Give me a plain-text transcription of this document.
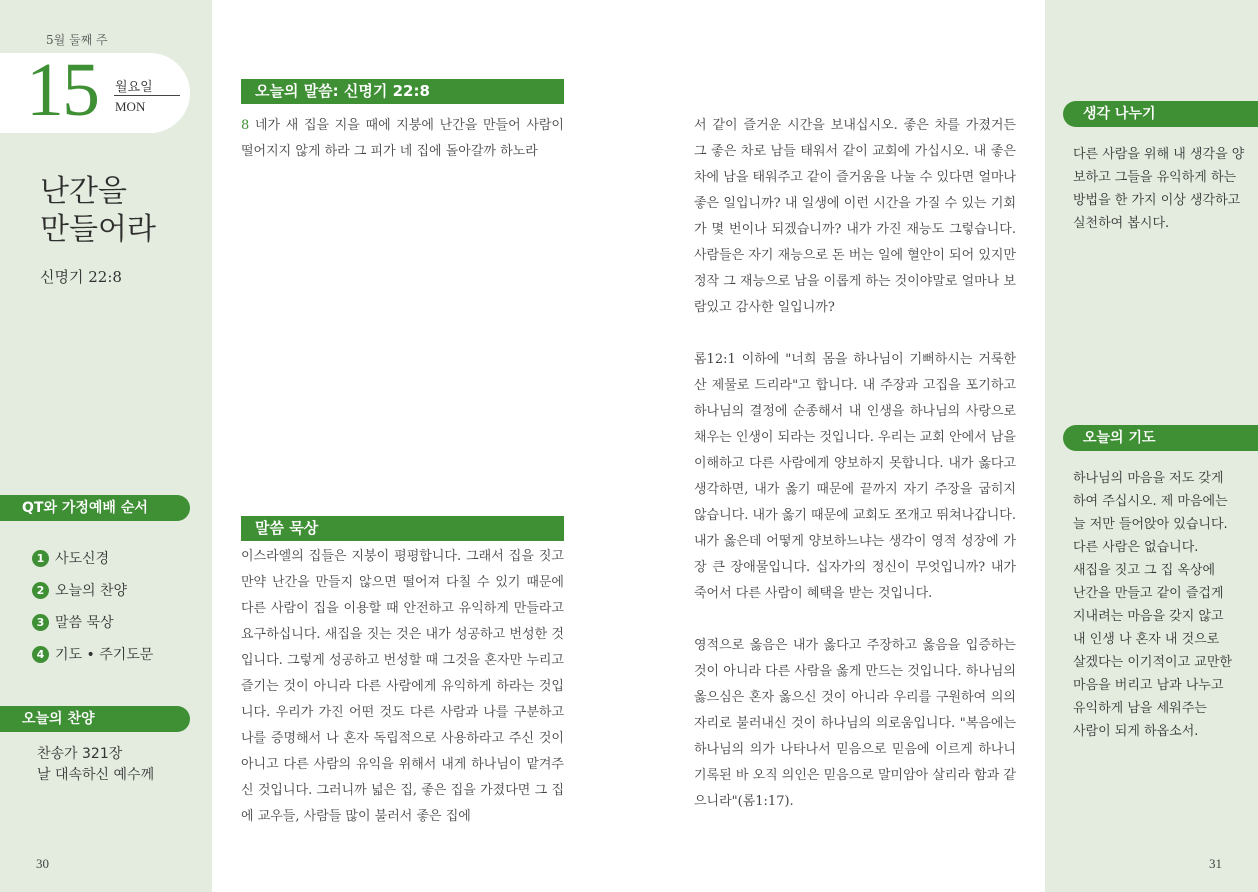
5월 둘째 주
15 월요일
MON
난간을
만들어라
신명기 22:8
QT와 가정예배 순서
1 사도신경
2 오늘의 찬양
3 말씀 묵상
4 기도 • 주기도문
오늘의 찬양
찬송가 321장
날 대속하신 예수께
30
오늘의 말씀: 신명기 22:8
8 네가 새 집을 지을 때에 지붕에 난간을 만들어 사람이 떨어지지 않게 하라 그 피가 네 집에 돌아갈까 하노라
말씀 묵상
이스라엘의 집들은 지붕이 평평합니다. 그래서 집을 짓고 만약 난간을 만들지 않으면 떨어져 다칠 수 있기 때문에 다른 사람이 집을 이용할 때 안전하고 유익하게 만들라고 요구하십니다. 새집을 짓는 것은 내가 성공하고 번성한 것입니다. 그렇게 성공하고 번성할 때 그것을 혼자만 누리고 즐기는 것이 아니라 다른 사람에게 유익하게 하라는 것입니다. 우리가 가진 어떤 것도 다른 사람과 나를 구분하고 나를 증명해서 나 혼자 독립적으로 사용하라고 주신 것이 아니고 다른 사람의 유익을 위해서 내게 하나님이 맡겨주신 것입니다. 그러니까 넓은 집, 좋은 집을 가졌다면 그 집에 교우들, 사람들 많이 불러서 좋은 집에

서 같이 즐거운 시간을 보내십시오. 좋은 차를 가졌거든 그 좋은 차로 남들 태워서 같이 교회에 가십시오. 내 좋은 차에 남을 태워주고 같이 즐거움을 나눌 수 있다면 얼마나 좋은 일입니까? 내 일생에 이런 시간을 가질 수 있는 기회가 몇 번이나 되겠습니까? 내가 가진 재능도 그렇습니다. 사람들은 자기 재능으로 돈 버는 일에 혈안이 되어 있지만 정작 그 재능으로 남을 이롭게 하는 것이야말로 얼마나 보람있고 감사한 일입니까?

롬12:1 이하에 "너희 몸을 하나님이 기뻐하시는 거룩한 산 제물로 드리라"고 합니다. 내 주장과 고집을 포기하고 하나님의 결정에 순종해서 내 인생을 하나님의 사랑으로 채우는 인생이 되라는 것입니다. 우리는 교회 안에서 남을 이해하고 다른 사람에게 양보하지 못합니다. 내가 옳다고 생각하면, 내가 옳기 때문에 끝까지 자기 주장을 굽히지 않습니다. 내가 옳기 때문에 교회도 쪼개고 뛰쳐나갑니다. 내가 옳은데 어떻게 양보하느냐는 생각이 영적 성장에 가장 큰 장애물입니다. 십자가의 정신이 무엇입니까? 내가 죽어서 다른 사람이 혜택을 받는 것입니다.

영적으로 옳음은 내가 옳다고 주장하고 옳음을 입증하는 것이 아니라 다른 사람을 옳게 만드는 것입니다. 하나님의 옳으심은 혼자 옳으신 것이 아니라 우리를 구원하여 의의 자리로 불러내신 것이 하나님의 의로움입니다. "복음에는 하나님의 의가 나타나서 믿음으로 믿음에 이르게 하나니 기록된 바 오직 의인은 믿음으로 말미암아 살리라 함과 같으니라"(롬1:17).

생각 나누기
다른 사람을 위해 내 생각을 양보하고 그들을 유익하게 하는 방법을 한 가지 이상 생각하고 실천하여 봅시다.
오늘의 기도
하나님의 마음을 저도 갖게
하여 주십시오. 제 마음에는
늘 저만 들어앉아 있습니다.
다른 사람은 없습니다.
새집을 짓고 그 집 옥상에
난간을 만들고 같이 즐겁게
지내려는 마음을 갖지 않고
내 인생 나 혼자 내 것으로
살겠다는 이기적이고 교만한
마음을 버리고 남과 나누고
유익하게 남을 세워주는
사람이 되게 하옵소서.
31
